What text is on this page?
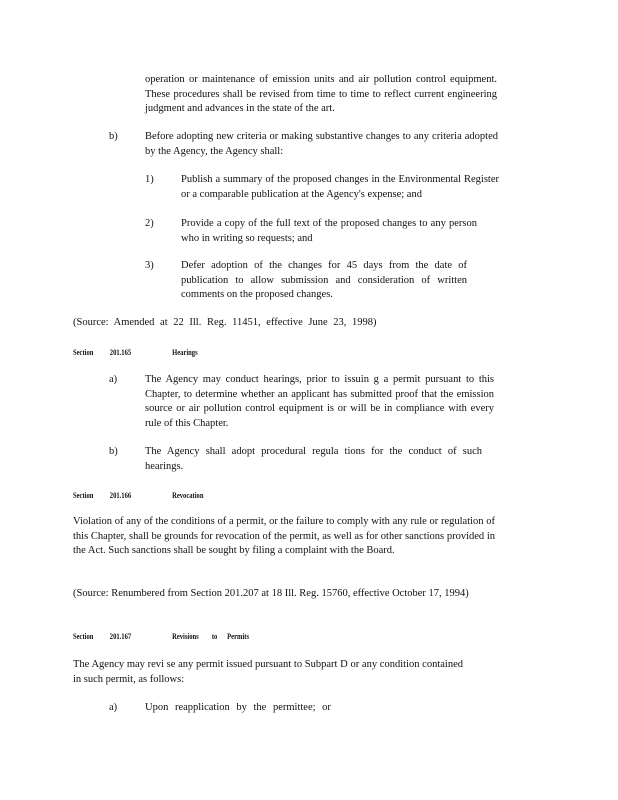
operation or maintenance of emission units and air pollution control equipment. These procedures shall be revised from time to time to reflect current engineering judgment and advances in the state of the art.

b)	Before adopting new criteria or making substantive changes to any criteria adopted by the Agency, the Agency shall:

1)	Publish a summary of the proposed changes in the Environmental Register or a comparable publication at the Agency's expense; and

2)	Provide a copy of the full text of the proposed changes to any person who in writing so requests; and

3)	Defer adoption of the changes for 45 days from the date of publication to allow submission and consideration of written comments on the proposed changes.

(Source: Amended at 22 Ill. Reg. 11451, effective June 23, 1998)

Section 201.165	Hearings

a)	The Agency may conduct hearings, prior to issuin g a permit pursuant to this Chapter, to determine whether an applicant has submitted proof that the emission source or air pollution control equipment is or will be in compliance with every rule of this Chapter.

b)	The Agency shall adopt procedural regula tions for the conduct of such hearings.

Section 201.166	Revocation

Violation of any of the conditions of a permit, or the failure to comply with any rule or regulation of this Chapter, shall be grounds for revocation of the permit, as well as for other sanctions provided in the Act. Such sanctions shall be sought by filing a complaint with the Board.

(Source: Renumbered from Section 201.207 at 18 Ill. Reg. 15760, effective October 17, 1994)

Section 201.167	Revisions to Permits

The Agency may revi se any permit issued pursuant to Subpart D or any condition contained in such permit, as follows:

a)	Upon reapplication by the permittee; or
